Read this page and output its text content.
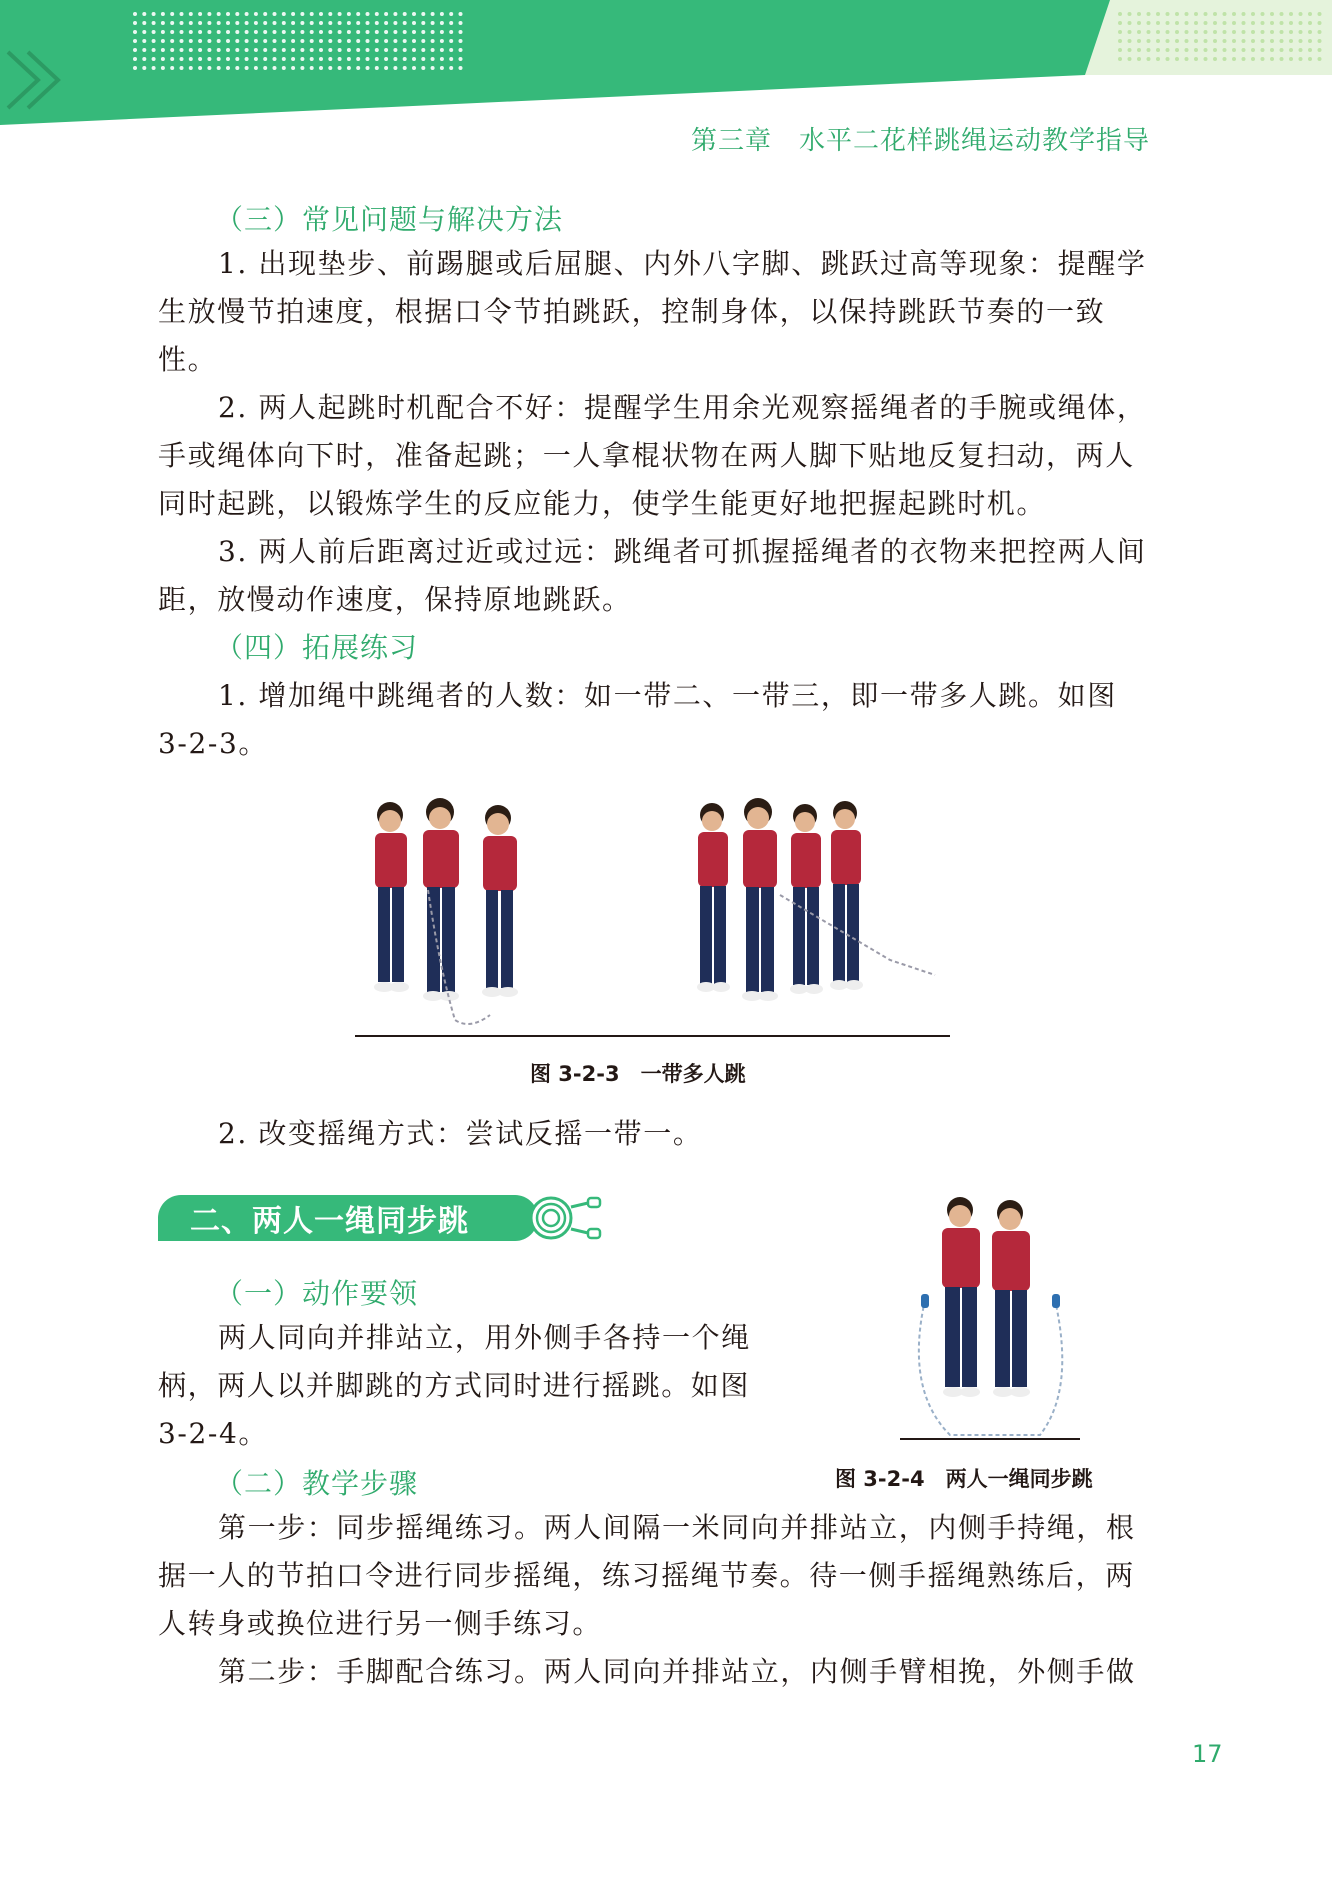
第三章　水平二花样跳绳运动教学指导
（三）常见问题与解决方法

1. 出现垫步、前踢腿或后屈腿、内外八字脚、跳跃过高等现象：提醒学生放慢节拍速度，根据口令节拍跳跃，控制身体，以保持跳跃节奏的一致性。

2. 两人起跳时机配合不好：提醒学生用余光观察摇绳者的手腕或绳体，手或绳体向下时，准备起跳；一人拿棍状物在两人脚下贴地反复扫动，两人同时起跳，以锻炼学生的反应能力，使学生能更好地把握起跳时机。

3. 两人前后距离过近或过远：跳绳者可抓握摇绳者的衣物来把控两人间距，放慢动作速度，保持原地跳跃。

（四）拓展练习

1. 增加绳中跳绳者的人数：如一带二、一带三，即一带多人跳。如图 3-2-3。

图 3-2-3　一带多人跳

2. 改变摇绳方式：尝试反摇一带一。

二、两人一绳同步跳
（一）动作要领

两人同向并排站立，用外侧手各持一个绳柄，两人以并脚跳的方式同时进行摇跳。如图 3-2-4。

图 3-2-4　两人一绳同步跳
（二）教学步骤

第一步：同步摇绳练习。两人间隔一米同向并排站立，内侧手持绳，根据一人的节拍口令进行同步摇绳，练习摇绳节奏。待一侧手摇绳熟练后，两人转身或换位进行另一侧手练习。

第二步：手脚配合练习。两人同向并排站立，内侧手臂相挽，外侧手做

17
